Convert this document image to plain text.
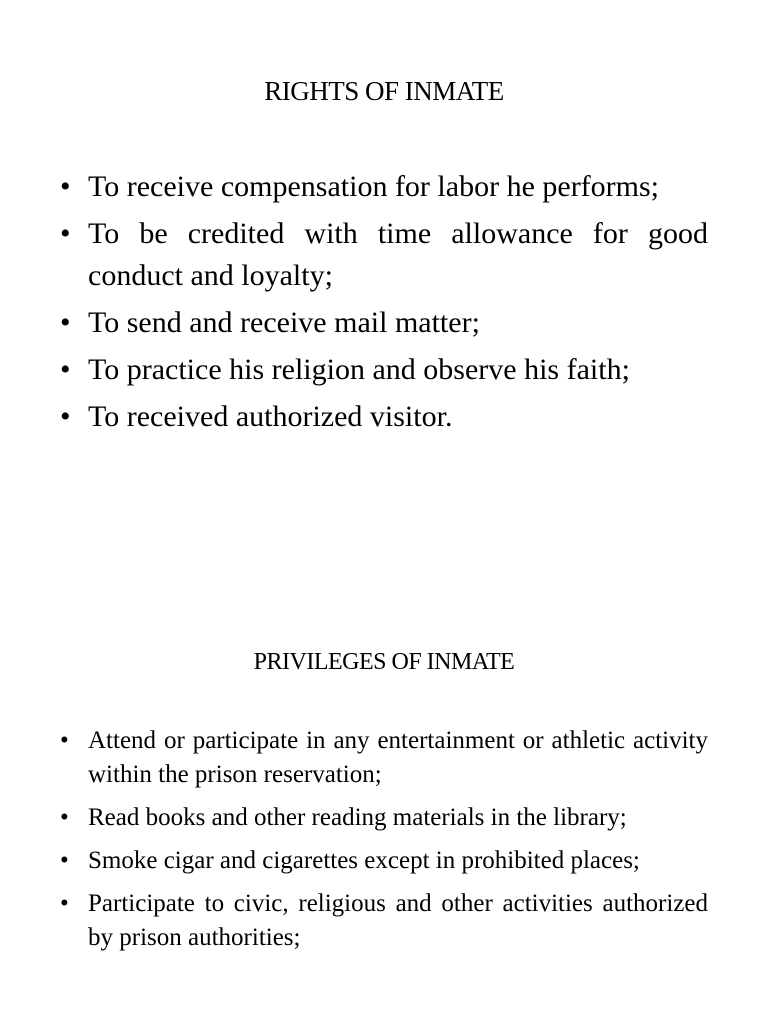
RIGHTS OF INMATE
• To receive compensation for labor he performs;
• To be credited with time allowance for good conduct and loyalty;
• To send and receive mail matter;
• To practice his religion and observe his faith;
• To received authorized visitor.
PRIVILEGES OF INMATE
• Attend or participate in any entertainment or athletic activity within the prison reservation;
• Read books and other reading materials in the library;
• Smoke cigar and cigarettes except in prohibited places;
• Participate to civic, religious and other activities authorized by prison authorities;
